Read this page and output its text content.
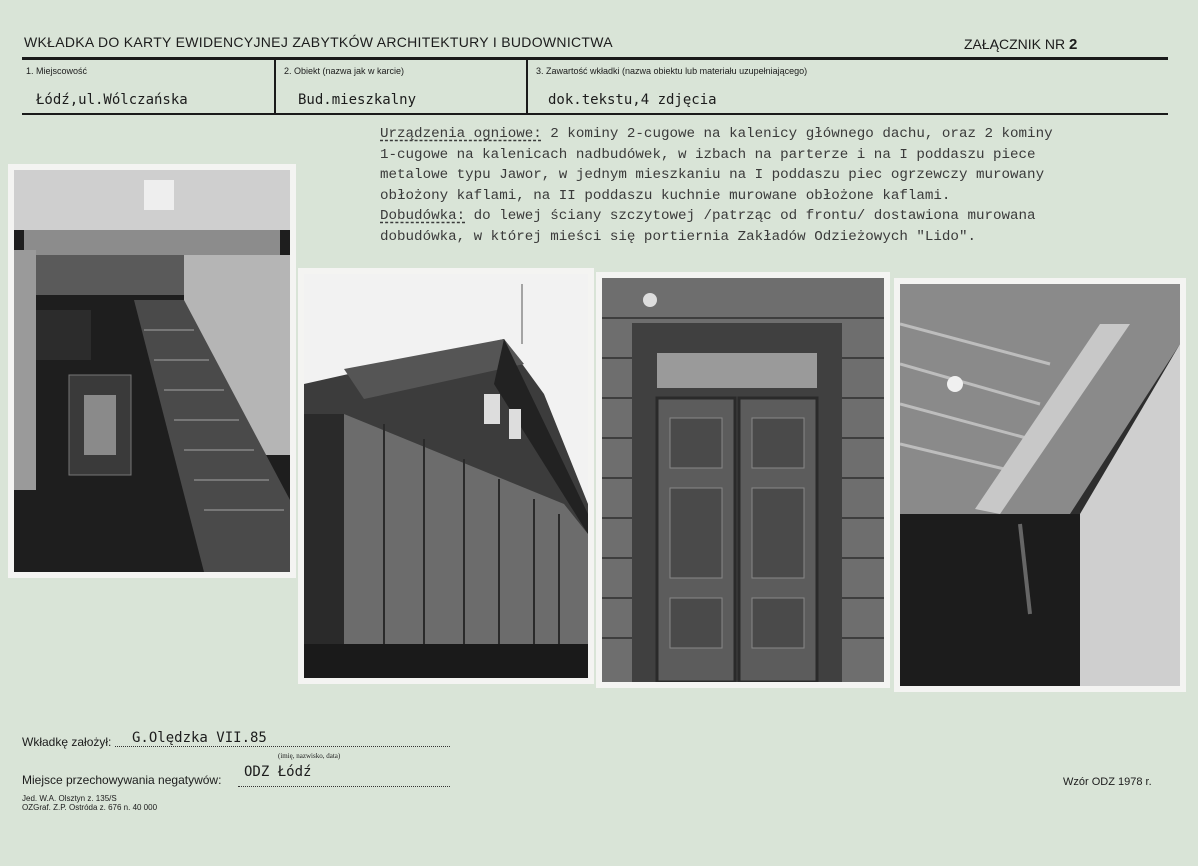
WKŁADKA DO KARTY EWIDENCYJNEJ ZABYTKÓW ARCHITEKTURY I BUDOWNICTWA	ZAŁĄCZNIK NR 2
1. Miejscowość	2. Obiekt (nazwa jak w karcie)	3. Zawartość wkładki (nazwa obiektu lub materiału uzupełniającego)
Łódź,ul.Wólczańska	Bud.mieszkalny	dok.tekstu,4 zdjęcia

Urządzenia ogniowe: 2 kominy 2-cugowe na kalenicy głównego dachu, oraz 2 kominy

1-cugowe na kalenicach nadbudówek, w izbach na parterze i na I poddaszu piece

metalowe typu Jawor, w jednym mieszkaniu na I poddaszu piec ogrzewczy murowany

obłożony kaflami, na II poddaszu kuchnie murowane obłożone kaflami.

Dobudówka: do lewej ściany szczytowej /patrząc od frontu/ dostawiona murowana

dobudówka, w której mieści się portiernia Zakładów Odzieżowych "Lido".

Wkładkę założył: G.Olędzka VII.85
(imię, nazwisko, data)
Miejsce przechowywania negatywów: ODZ Łódź
Jed. W.A. Olsztyn z. 135/S
OZGraf. Z.P. Ostróda z. 676 n. 40 000
Wzór ODZ 1978 r.
